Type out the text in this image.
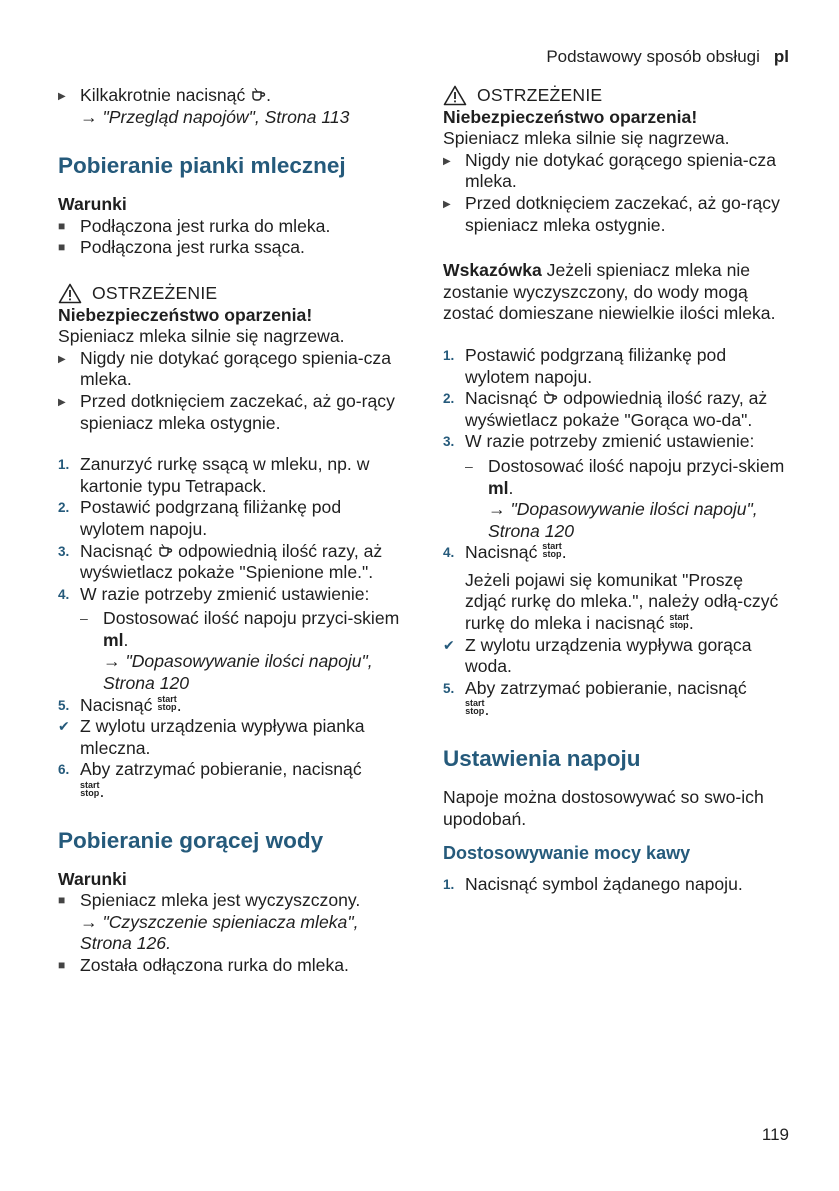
Podstawowy sposób obsługi pl
▶ Kilkakrotnie nacisnąć .
→ "Przegląd napojów", Strona 113

Pobieranie pianki mlecznej

Warunki

■ Podłączona jest rurka do mleka.
■ Podłączona jest rurka ssąca.
OSTRZEŻENIE

Niebezpieczeństwo oparzenia!

Spieniacz mleka silnie się nagrzewa.

▶ Nigdy nie dotykać gorącego spienia-cza mleka.
▶ Przed dotknięciem zaczekać, aż go-rący spieniacz mleka ostygnie.
1. Zanurzyć rurkę ssącą w mleku, np. w kartonie typu Tetrapack.
2. Postawić podgrzaną filiżankę pod wylotem napoju.
3. Nacisnąć odpowiednią ilość razy, aż wyświetlacz pokaże "Spienione mle.".
4. W razie potrzeby zmienić ustawienie:
– Dostosować ilość napoju przyci-skiem ml.
→ "Dopasowywanie ilości napoju", Strona 120
5. Nacisnąć start
stop.
✔ Z wylotu urządzenia wypływa pianka mleczna.
6. Aby zatrzymać pobieranie, nacisnąć
start
stop.

Pobieranie gorącej wody

Warunki

■ Spieniacz mleka jest wyczyszczony.
→ "Czyszczenie spieniacza mleka", Strona 126.
■ Została odłączona rurka do mleka.
OSTRZEŻENIE

Niebezpieczeństwo oparzenia!

Spieniacz mleka silnie się nagrzewa.

▶ Nigdy nie dotykać gorącego spienia-cza mleka.
▶ Przed dotknięciem zaczekać, aż go-rący spieniacz mleka ostygnie.

Wskazówka Jeżeli spieniacz mleka nie zostanie wyczyszczony, do wody mogą zostać domieszane niewielkie ilości mleka.

1. Postawić podgrzaną filiżankę pod wylotem napoju.
2. Nacisnąć odpowiednią ilość razy, aż wyświetlacz pokaże "Gorąca wo-da".
3. W razie potrzeby zmienić ustawienie:
– Dostosować ilość napoju przyci-skiem ml.
→ "Dopasowywanie ilości napoju", Strona 120
4. Nacisnąć start
stop.

Jeżeli pojawi się komunikat "Proszę zdjąć rurkę do mleka.", należy odłą-czyć rurkę do mleka i nacisnąć start
stop.

✔ Z wylotu urządzenia wypływa gorąca woda.
5. Aby zatrzymać pobieranie, nacisnąć
start
stop.

Ustawienia napoju

Napoje można dostosowywać so swo-ich upodobań.

Dostosowywanie mocy kawy

1. Nacisnąć symbol żądanego napoju.
119
